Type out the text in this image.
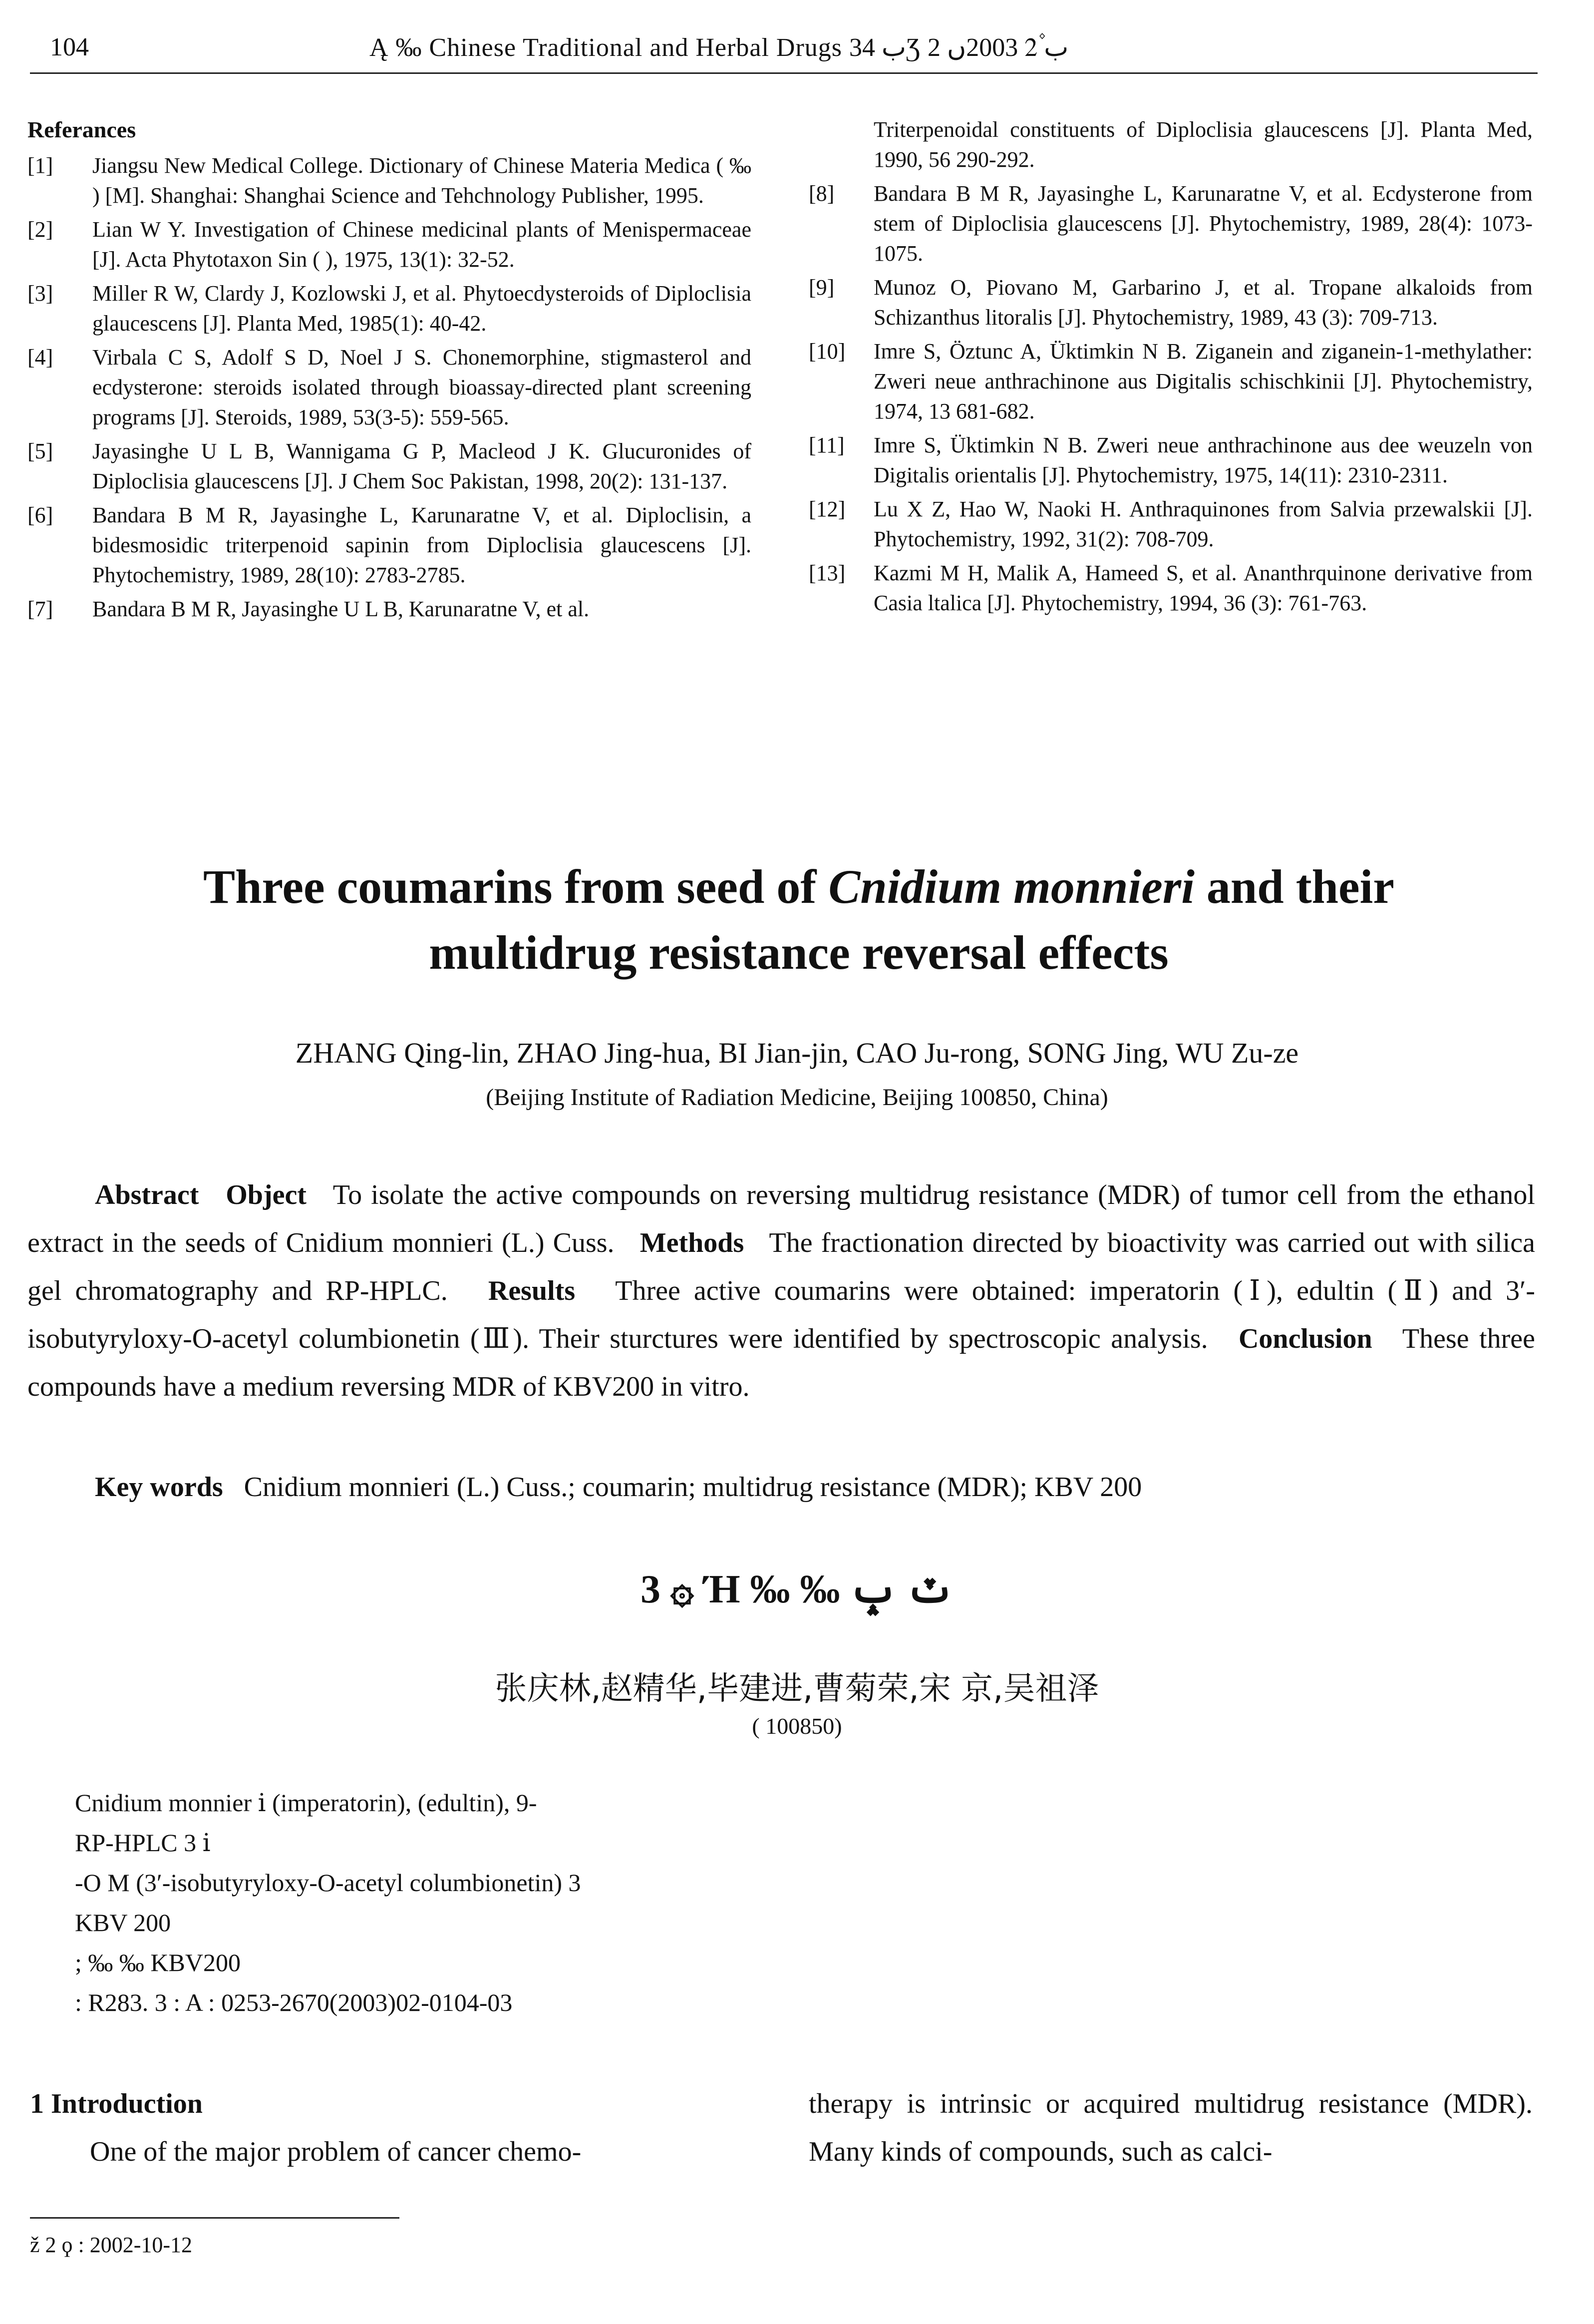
104	Ą ‰ Chinese Traditional and Herbal Drugs ب 34Ʒ ب 2۫ 2003ں 2
Referances
[1]	Jiangsu New Medical College. Dictionary of Chinese Materia Medica ( ‰ ) [M]. Shanghai: Shanghai Science and Tehchnology Publisher, 1995.
[2]	Lian W Y. Investigation of Chinese medicinal plants of Menispermaceae [J]. Acta Phytotaxon Sin ( ), 1975, 13(1): 32-52.
[3]	Miller R W, Clardy J, Kozlowski J, et al. Phytoecdysteroids of Diploclisia glaucescens [J]. Planta Med, 1985(1): 40-42.
[4]	Virbala C S, Adolf S D, Noel J S. Chonemorphine, stigmasterol and ecdysterone: steroids isolated through bioassay-directed plant screening programs [J]. Steroids, 1989, 53(3-5): 559-565.
[5]	Jayasinghe U L B, Wannigama G P, Macleod J K. Glucuronides of Diploclisia glaucescens [J]. J Chem Soc Pakistan, 1998, 20(2): 131-137.
[6]	Bandara B M R, Jayasinghe L, Karunaratne V, et al. Diploclisin, a bidesmosidic triterpenoid sapinin from Diploclisia glaucescens [J]. Phytochemistry, 1989, 28(10): 2783-2785.
[7]	Bandara B M R, Jayasinghe U L B, Karunaratne V, et al.
Triterpenoidal constituents of Diploclisia glaucescens [J]. Planta Med, 1990, 56 290-292.
[8]	Bandara B M R, Jayasinghe L, Karunaratne V, et al. Ecdysterone from stem of Diploclisia glaucescens [J]. Phytochemistry, 1989, 28(4): 1073-1075.
[9]	Munoz O, Piovano M, Garbarino J, et al. Tropane alkaloids from Schizanthus litoralis [J]. Phytochemistry, 1989, 43 (3): 709-713.
[10]	Imre S, Öztunc A, Üktimkin N B. Ziganein and ziganein-1-methylather: Zweri neue anthrachinone aus Digitalis schischkinii [J]. Phytochemistry, 1974, 13 681-682.
[11]	Imre S, Üktimkin N B. Zweri neue anthrachinone aus dee weuzeln von Digitalis orientalis [J]. Phytochemistry, 1975, 14(11): 2310-2311.
[12]	Lu X Z, Hao W, Naoki H. Anthraquinones from Salvia przewalskii [J]. Phytochemistry, 1992, 31(2): 708-709.
[13]	Kazmi M H, Malik A, Hameed S, et al. Ananthrquinone derivative from Casia ltalica [J]. Phytochemistry, 1994, 36 (3): 761-763.
Three coumarins from seed of Cnidium monnieri and their
multidrug resistance reversal effects
ZHANG Qing-lin, ZHAO Jing-hua, BI Jian-jin, CAO Ju-rong, SONG Jing, WU Zu-ze
(Beijing Institute of Radiation Medicine, Beijing 100850, China)

Abstract Object To isolate the active compounds on reversing multidrug resistance (MDR) of tumor cell from the ethanol extract in the seeds of Cnidium monnieri (L.) Cuss. Methods The fractionation directed by bioactivity was carried out with silica gel chromatography and RP-HPLC. Results Three active coumarins were obtained: imperatorin (Ⅰ), edultin (Ⅱ) and 3′-isobutyryloxy-O-acetyl columbionetin (Ⅲ). Their sturctures were identified by spectroscopic analysis. Conclusion These three compounds have a medium reversing MDR of KBV200 in vitro.

Key words Cnidium monnieri (L.) Cuss.; coumarin; multidrug resistance (MDR); KBV 200
3 ۞ Ή ‰ ‰ ٽ ݒ
张庆林,赵精华,毕建进,曹菊荣,宋 京,吴祖泽
( 100850)

Cnidium monnier ⅰ (imperatorin), (edultin), 9-

RP-HPLC 3 ⅰ

-O M (3′-isobutyryloxy-O-acetyl columbionetin) 3

KBV 200

; ‰ ‰ KBV200

: R283. 3 : A : 0253-2670(2003)02-0104-03

1 Introduction
One of the major problem of cancer chemo-
therapy is intrinsic or acquired multidrug resistance (MDR). Many kinds of compounds, such as calci-
ž 2 ϙ : 2002-10-12
